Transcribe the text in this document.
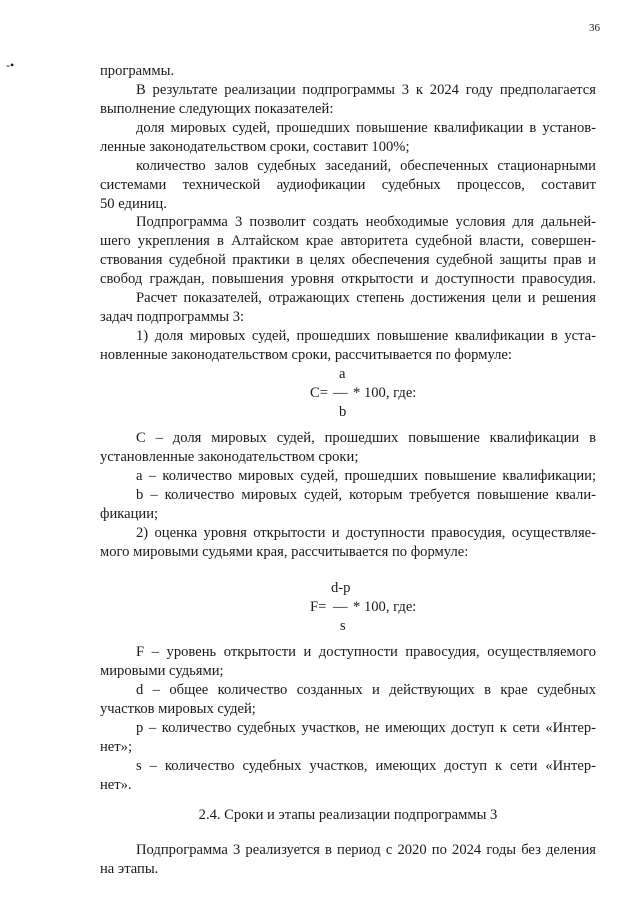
36
-•	программы.
В результате реализации подпрограммы 3 к 2024 году предполагается
выполнение следующих показателей:
доля мировых судей, прошедших повышение квалификации в установ-
ленные законодательством сроки, составит 100%;
количество залов судебных заседаний, обеспеченных стационарными
системами технической аудиофикации судебных процессов, составит
50 единиц.
Подпрограмма 3 позволит создать необходимые условия для дальней-
шего укрепления в Алтайском крае авторитета судебной власти, совершен-
ствования судебной практики в целях обеспечения судебной защиты прав и
свобод граждан, повышения уровня открытости и доступности правосудия.
Расчет показателей, отражающих степень достижения цели и решения
задач подпрограммы 3:
1) доля мировых судей, прошедших повышение квалификации в уста-
новленные законодательством сроки, рассчитывается по формуле:
a
C= — * 100, где:
b
С – доля мировых судей, прошедших повышение квалификации в
установленные законодательством сроки;
a – количество мировых судей, прошедших повышение квалификации;
b – количество мировых судей, которым требуется повышение квали-
фикации;
2) оценка уровня открытости и доступности правосудия, осуществляе-
мого мировыми судьями края, рассчитывается по формуле:
d-p
F= — * 100, где:
s
F – уровень открытости и доступности правосудия, осуществляемого
мировыми судьями;
d – общее количество созданных и действующих в крае судебных
участков мировых судей;
p – количество судебных участков, не имеющих доступ к сети «Интер-
нет»;
s – количество судебных участков, имеющих доступ к сети «Интер-
нет».
2.4. Сроки и этапы реализации подпрограммы 3
Подпрограмма 3 реализуется в период с 2020 по 2024 годы без деления
на этапы.
